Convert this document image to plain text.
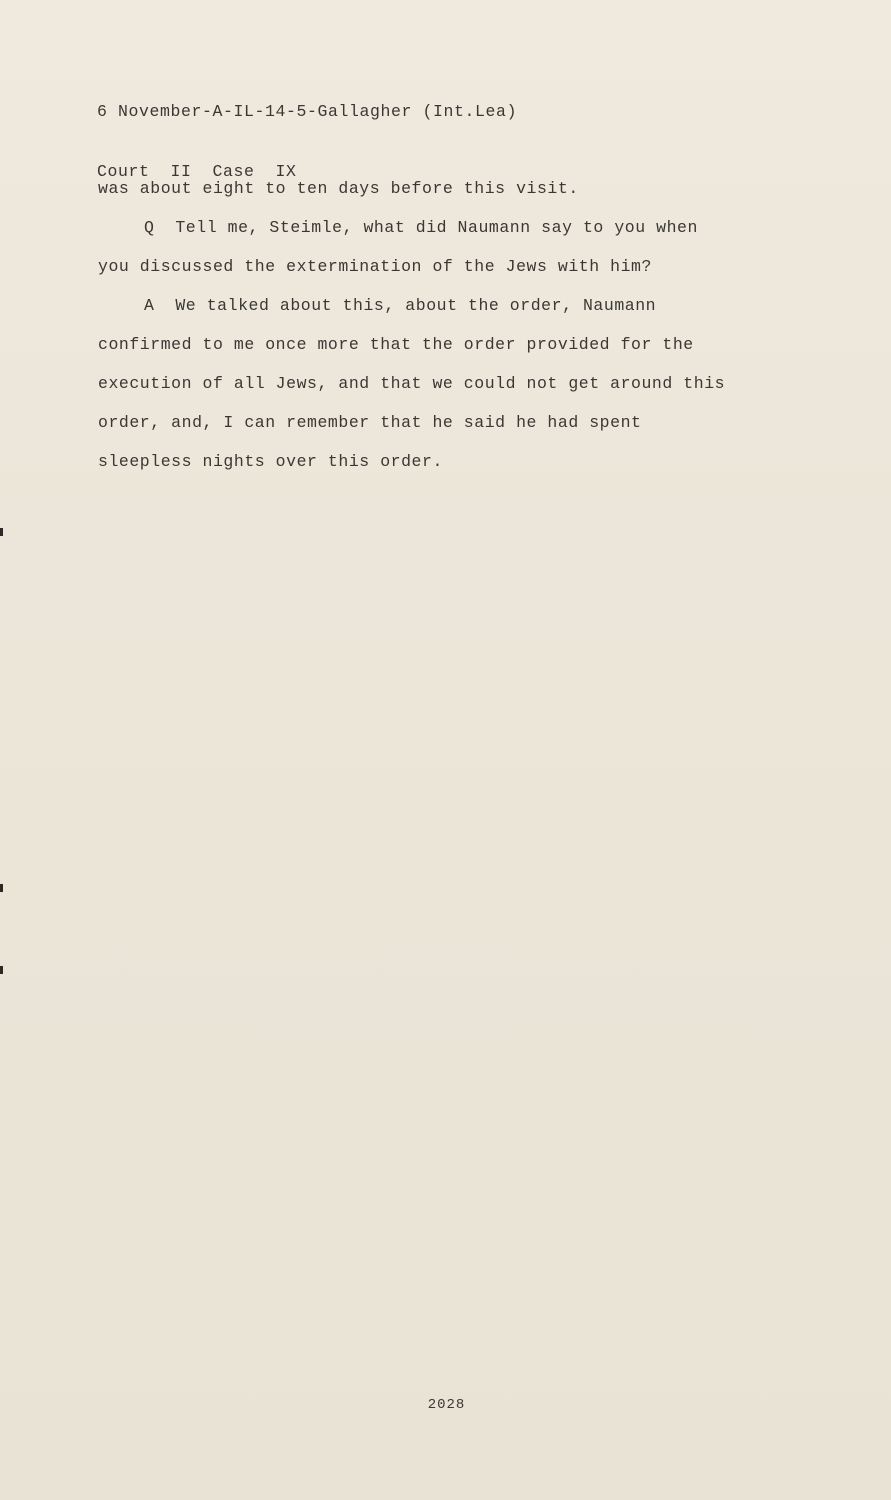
6 November-A-IL-14-5-Gallagher (Int.Lea)

Court  II  Case  IX

was about eight to ten days before this visit.
Q  Tell me, Steimle, what did Naumann say to you when
you discussed the extermination of the Jews with him?
A  We talked about this, about the order, Naumann
confirmed to me once more that the order provided for the
execution of all Jews, and that we could not get around this
order, and, I can remember that he said he had spent
sleepless nights over this order.
2028
